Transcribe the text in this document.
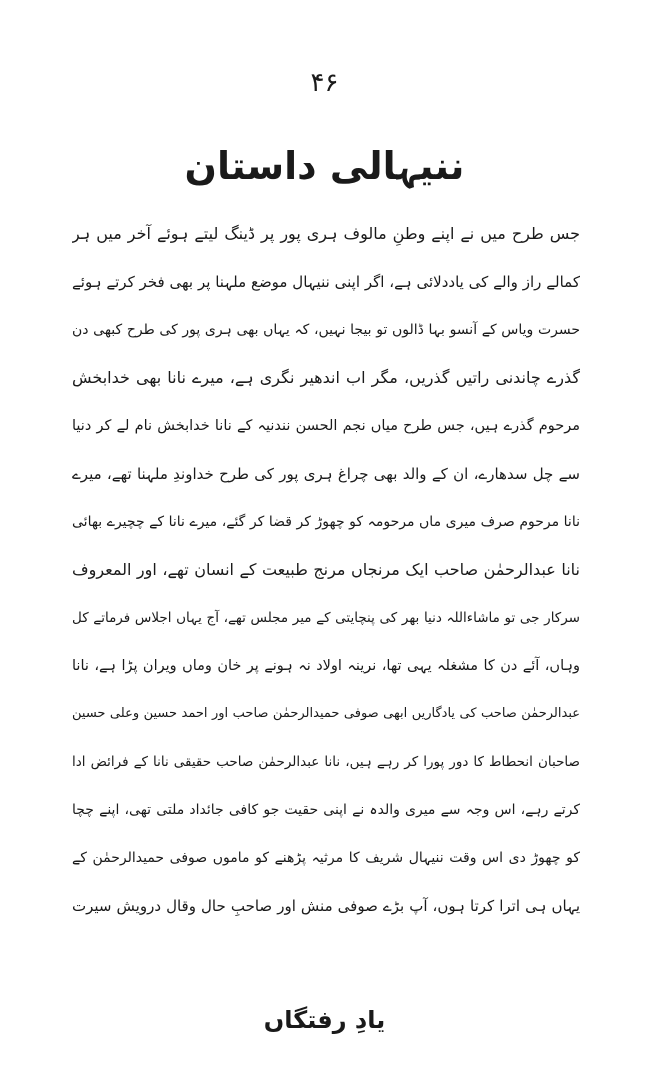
۴۶
ننیہالی داستان
جس طرح میں نے اپنے وطنِ مالوف ہری پور پر ڈینگ لیتے ہوئے آخر میں ہر
کمالے راز والے کی یاددلائی ہے، اگر اپنی ننیہال موضع ملہنا پر بھی فخر کرتے ہوئے
حسرت ویاس کے آنسو بہا ڈالوں تو بیجا نہیں، کہ یہاں بھی ہری پور کی طرح کبھی دن
گذرے چاندنی راتیں گذریں، مگر اب اندھیر نگری ہے، میرے نانا بھی خدابخش
مرحوم گذرے ہیں، جس طرح میاں نجم الحسن نندنیہ کے نانا خدابخش نام لے کر دنیا
سے چل سدھارے، ان کے والد بھی چراغ ہری پور کی طرح خداوندِ ملہنا تھے، میرے
نانا مرحوم صرف میری ماں مرحومہ کو چھوڑ کر قضا کر گئے، میرے نانا کے چچیرے بھائی
نانا عبدالرحمٰن صاحب ایک مرنجاں مرنج طبیعت کے انسان تھے، اور المعروف
سرکار جی تو ماشاءاللہ دنیا بھر کی پنچایتی کے میر مجلس تھے، آج یہاں اجلاس فرماتے کل
وہاں، آئے دن کا مشغلہ یہی تھا، نرینہ اولاد نہ ہونے پر خان وماں ویران پڑا ہے، نانا
عبدالرحمٰن صاحب کی یادگاریں ابھی صوفی حمیدالرحمٰن صاحب اور احمد حسین وعلی حسین
صاحبان انحطاط کا دور پورا کر رہے ہیں، نانا عبدالرحمٰن صاحب حقیقی نانا کے فرائض ادا
کرتے رہے، اس وجہ سے میری والدہ نے اپنی حقیت جو کافی جائداد ملتی تھی، اپنے چچا
کو چھوڑ دی اس وقت ننیہال شریف کا مرثیہ پڑھنے کو ماموں صوفی حمیدالرحمٰن کے
یہاں ہی اترا کرتا ہوں، آپ بڑے صوفی منش اور صاحبِ حال وقال درویش سیرت
یادِ رفتگاں
